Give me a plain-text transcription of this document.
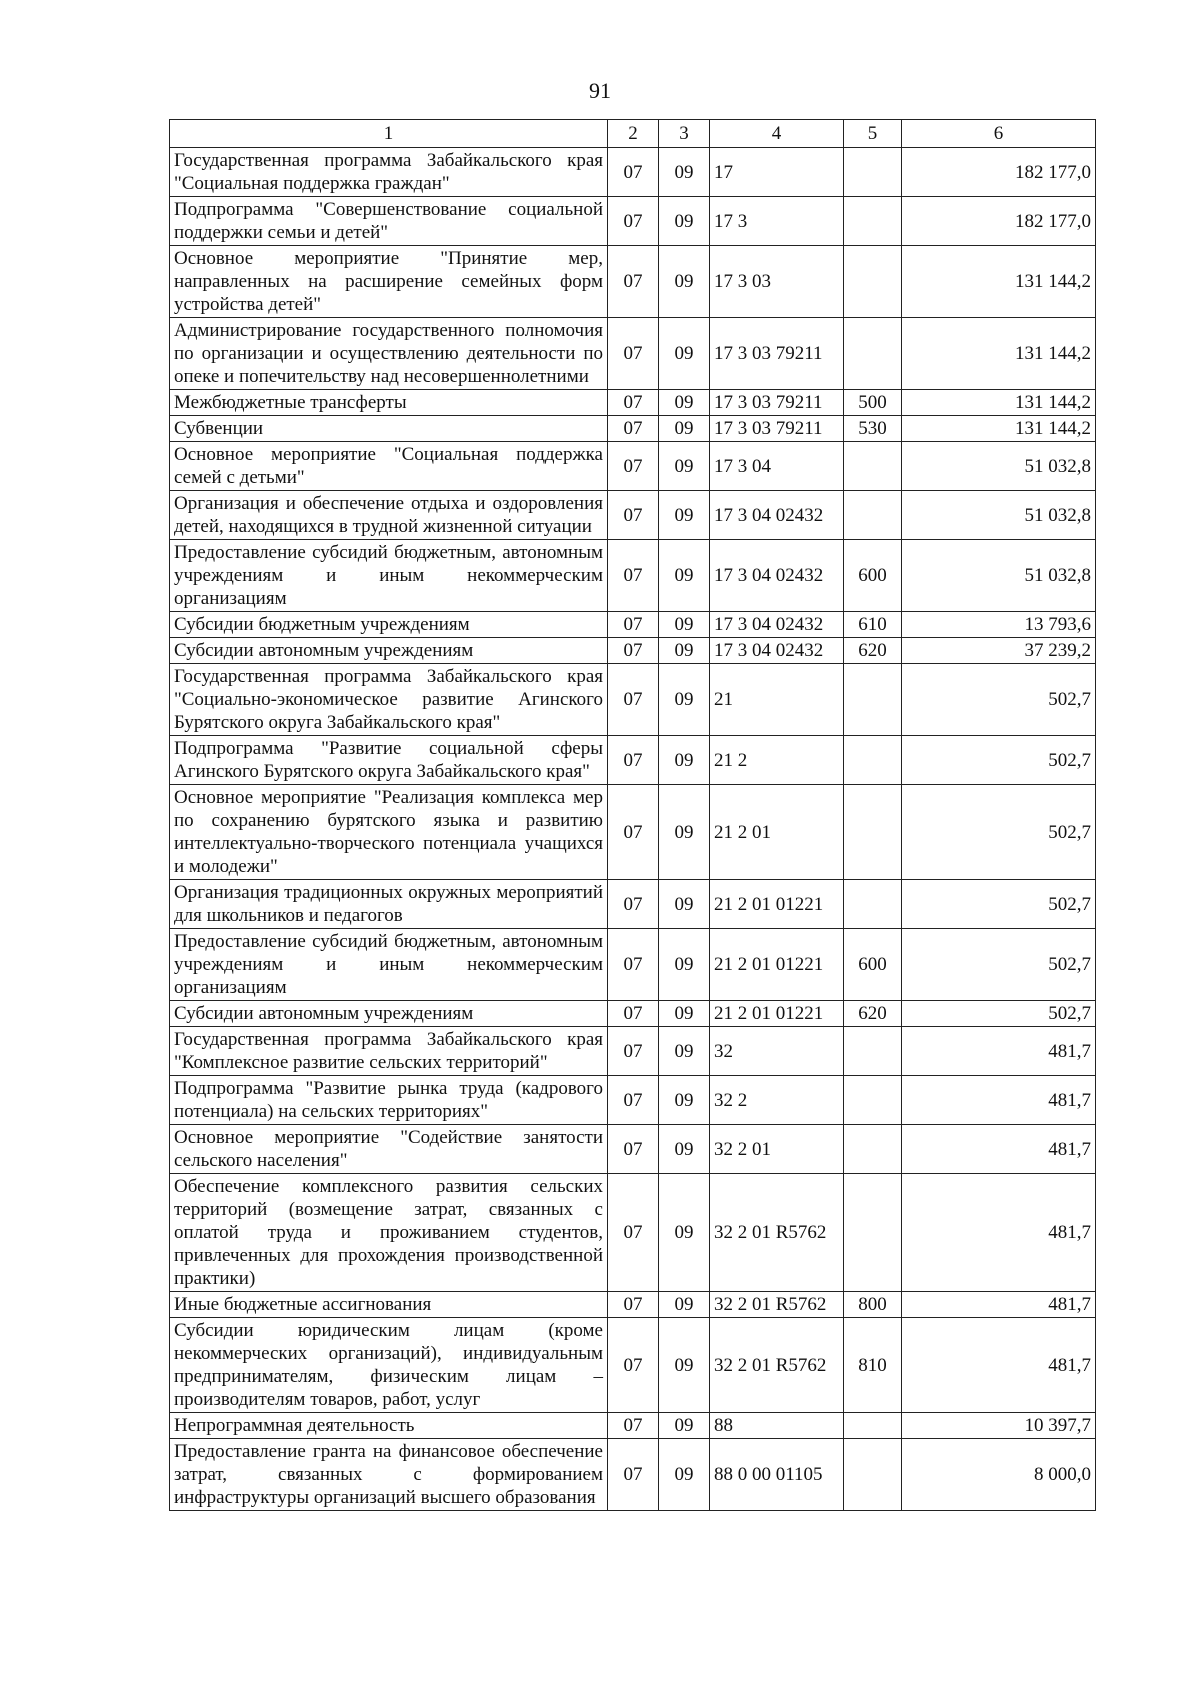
91
1	2	3	4	5	6
Государственная программа Забайкальского края "Социальная поддержка граждан"	07	09	17		182 177,0
Подпрограмма "Совершенствование социальной поддержки семьи и детей"	07	09	17 3		182 177,0
Основное мероприятие "Принятие мер, направленных на расширение семейных форм устройства детей"	07	09	17 3 03		131 144,2
Администрирование государственного полномочия по организации и осуществлению деятельности по опеке и попечительству над несовершеннолетними	07	09	17 3 03 79211		131 144,2
Межбюджетные трансферты	07	09	17 3 03 79211	500	131 144,2
Субвенции	07	09	17 3 03 79211	530	131 144,2
Основное мероприятие "Социальная поддержка семей с детьми"	07	09	17 3 04		51 032,8
Организация и обеспечение отдыха и оздоровления детей, находящихся в трудной жизненной ситуации	07	09	17 3 04 02432		51 032,8
Предоставление субсидий бюджетным, автономным учреждениям и иным некоммерческим организациям	07	09	17 3 04 02432	600	51 032,8
Субсидии бюджетным учреждениям	07	09	17 3 04 02432	610	13 793,6
Субсидии автономным учреждениям	07	09	17 3 04 02432	620	37 239,2
Государственная программа Забайкальского края "Социально-экономическое развитие Агинского Бурятского округа Забайкальского края"	07	09	21		502,7
Подпрограмма "Развитие социальной сферы Агинского Бурятского округа Забайкальского края"	07	09	21 2		502,7
Основное мероприятие "Реализация комплекса мер по сохранению бурятского языка и развитию интеллектуально-творческого потенциала учащихся и молодежи"	07	09	21 2 01		502,7
Организация традиционных окружных мероприятий для школьников и педагогов	07	09	21 2 01 01221		502,7
Предоставление субсидий бюджетным, автономным учреждениям и иным некоммерческим организациям	07	09	21 2 01 01221	600	502,7
Субсидии автономным учреждениям	07	09	21 2 01 01221	620	502,7
Государственная программа Забайкальского края "Комплексное развитие сельских территорий"	07	09	32		481,7
Подпрограмма "Развитие рынка труда (кадрового потенциала) на сельских территориях"	07	09	32 2		481,7
Основное мероприятие "Содействие занятости сельского населения"	07	09	32 2 01		481,7
Обеспечение комплексного развития сельских территорий (возмещение затрат, связанных с оплатой труда и проживанием студентов, привлеченных для прохождения производственной практики)	07	09	32 2 01 R5762		481,7
Иные бюджетные ассигнования	07	09	32 2 01 R5762	800	481,7
Субсидии юридическим лицам (кроме некоммерческих организаций), индивидуальным предпринимателям, физическим лицам – производителям товаров, работ, услуг	07	09	32 2 01 R5762	810	481,7
Непрограммная деятельность	07	09	88		10 397,7
Предоставление гранта на финансовое обеспечение затрат, связанных с формированием инфраструктуры организаций высшего образования	07	09	88 0 00 01105		8 000,0
